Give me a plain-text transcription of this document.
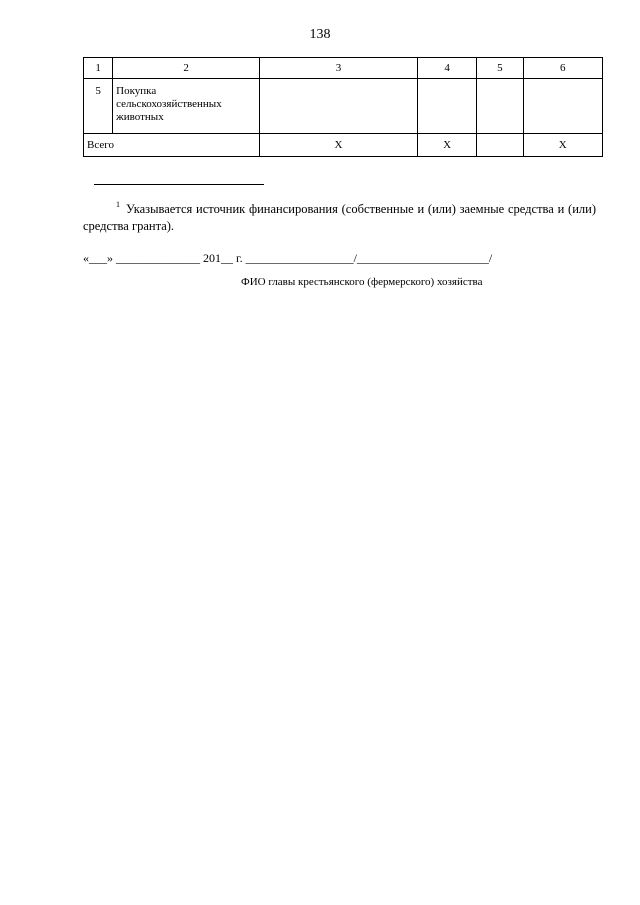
138
1	2	3	4	5	6
5	Покупка сельскохозяйственных животных				
Всего		X	X		X
$^1$ Указывается источник финансирования (собственные и (или) заемные средства и (или) средства гранта).
«___» ______________ 201__ г. __________________/______________________/
ФИО главы крестьянского (фермерского) хозяйства
